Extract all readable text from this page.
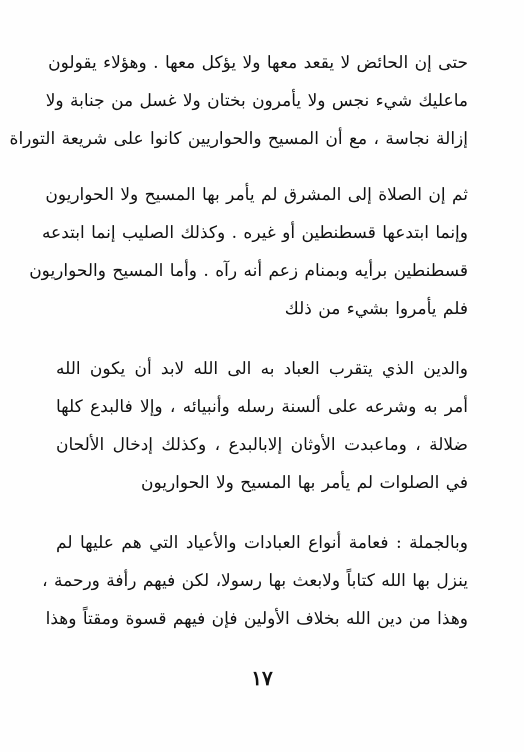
حتى إن الحائض لا يقعد معها ولا يؤكل معها . وهؤلاء يقولون
ماعليك شيء نجس ولا يأمرون بختان ولا غسل من جنابة ولا
إزالة نجاسة ، مع أن المسيح والحواريين كانوا على شريعة التوراة
ثم إن الصلاة إلى المشرق لم يأمر بها المسيح ولا الحواريون
وإنما ابتدعها قسطنطين أو غيره . وكذلك الصليب إنما ابتدعه
قسطنطين برأيه وبمنام زعم أنه رآه . وأما المسيح والحواريون
فلم يأمروا بشيء من ذلك
والدين الذي يتقرب العباد به الى الله لابد أن يكون الله
أمر به وشرعه على ألسنة رسله وأنبيائه ، وإلا فالبدع كلها
ضلالة ، وماعبدت الأوثان إلابالبدع ، وكذلك إدخال الألحان
في الصلوات لم يأمر بها المسيح ولا الحواريون
وبالجملة : فعامة أنواع العبادات والأعياد التي هم عليها لم
ينزل بها الله كتاباً ولابعث بها رسولا، لكن فيهم رأفة ورحمة ،
وهذا من دين الله بخلاف الأولين فإن فيهم قسوة ومقتاً وهذا
١٧
